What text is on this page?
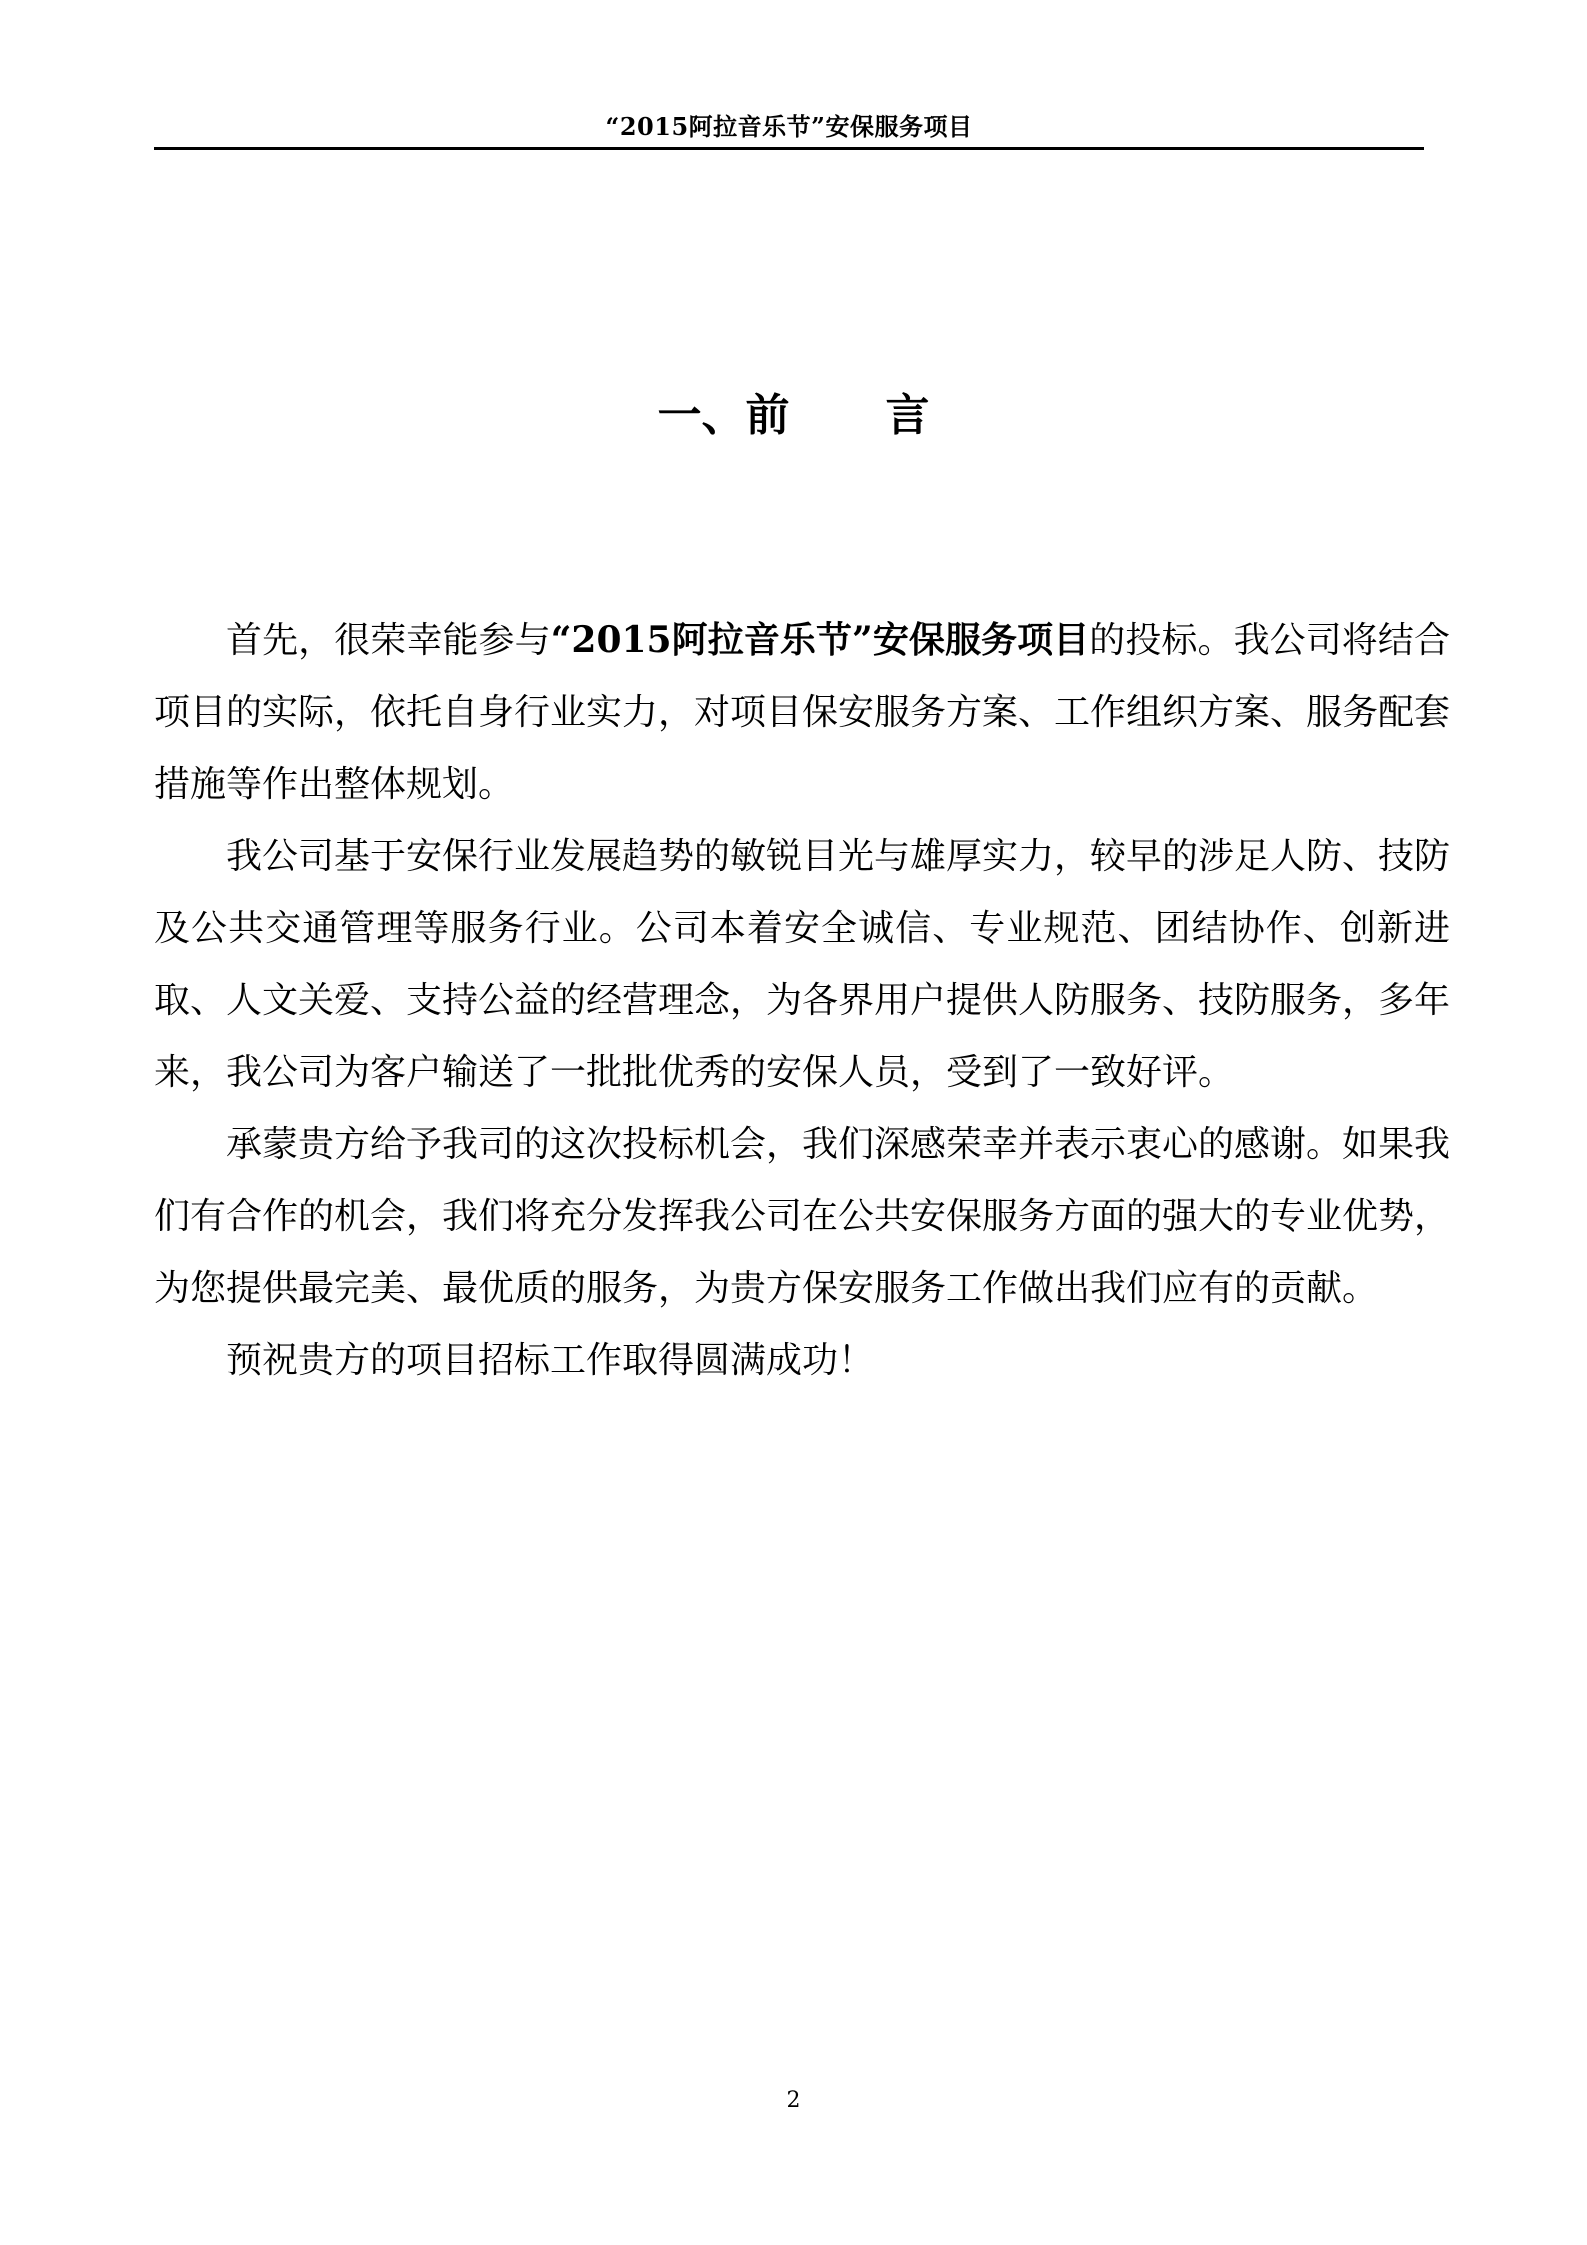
“2015阿拉音乐节”安保服务项目
一、前 言

首先，很荣幸能参与“2015阿拉音乐节”安保服务项目的投标。我公司将结合项目的实际，依托自身行业实力，对项目保安服务方案、工作组织方案、服务配套措施等作出整体规划。

我公司基于安保行业发展趋势的敏锐目光与雄厚实力，较早的涉足人防、技防及公共交通管理等服务行业。公司本着安全诚信、专业规范、团结协作、创新进取、人文关爱、支持公益的经营理念，为各界用户提供人防服务、技防服务，多年来，我公司为客户输送了一批批优秀的安保人员，受到了一致好评。

承蒙贵方给予我司的这次投标机会，我们深感荣幸并表示衷心的感谢。如果我们有合作的机会，我们将充分发挥我公司在公共安保服务方面的强大的专业优势，为您提供最完美、最优质的服务，为贵方保安服务工作做出我们应有的贡献。

预祝贵方的项目招标工作取得圆满成功！

2
